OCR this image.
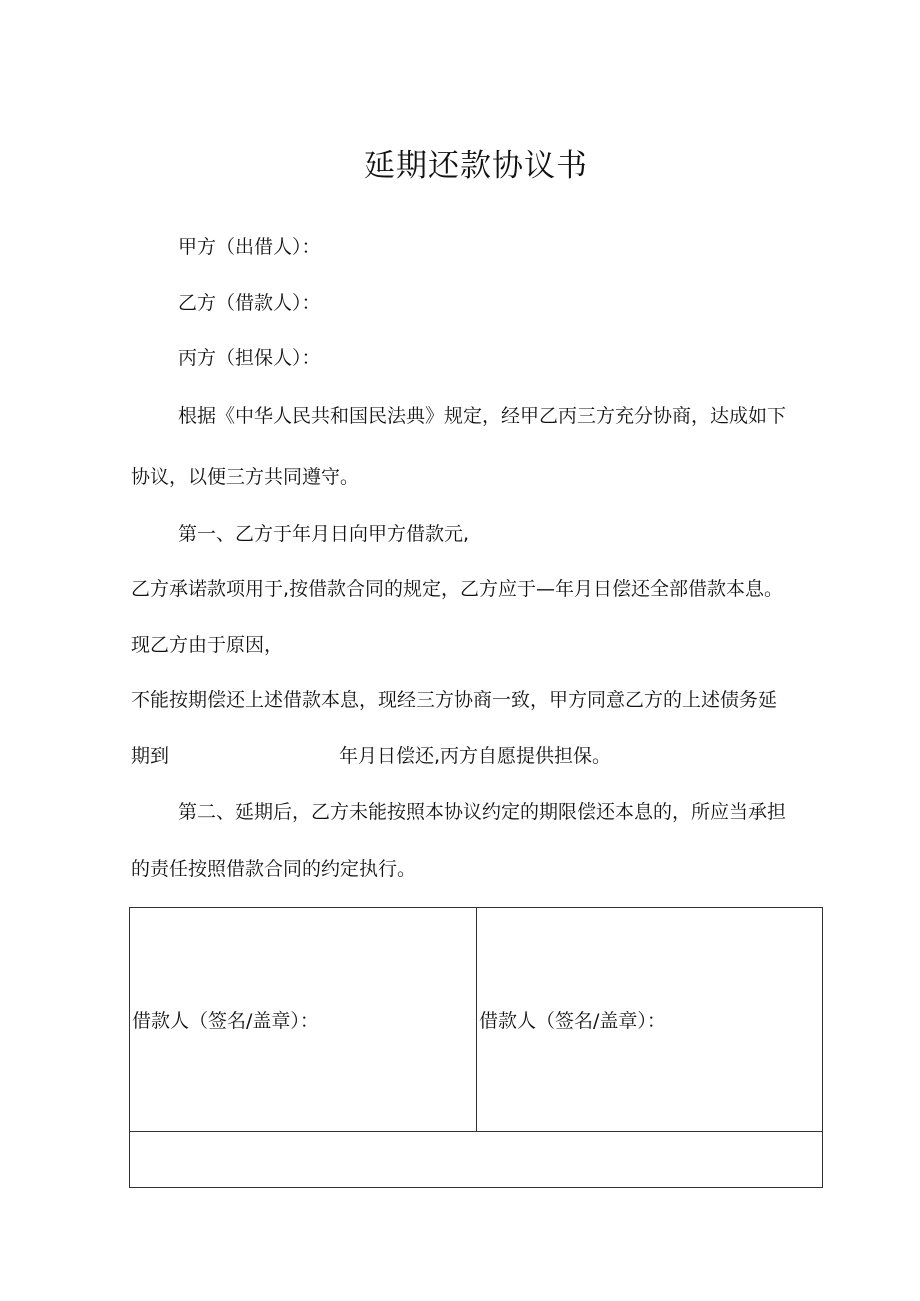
延期还款协议书
甲方（出借人）：
乙方（借款人）：
丙方（担保人）：
根据《中华人民共和国民法典》规定，经甲乙丙三方充分协商，达成如下
协议，以便三方共同遵守。
第一、乙方于年月日向甲方借款元,
乙方承诺款项用于,按借款合同的规定，乙方应于—年月日偿还全部借款本息。
现乙方由于原因，
不能按期偿还上述借款本息，现经三方协商一致，甲方同意乙方的上述债务延
期到	年月日偿还,丙方自愿提供担保。
第二、延期后，乙方未能按照本协议约定的期限偿还本息的，所应当承担
的责任按照借款合同的约定执行。
借款人（签名/盖章）：	借款人（签名/盖章）：
